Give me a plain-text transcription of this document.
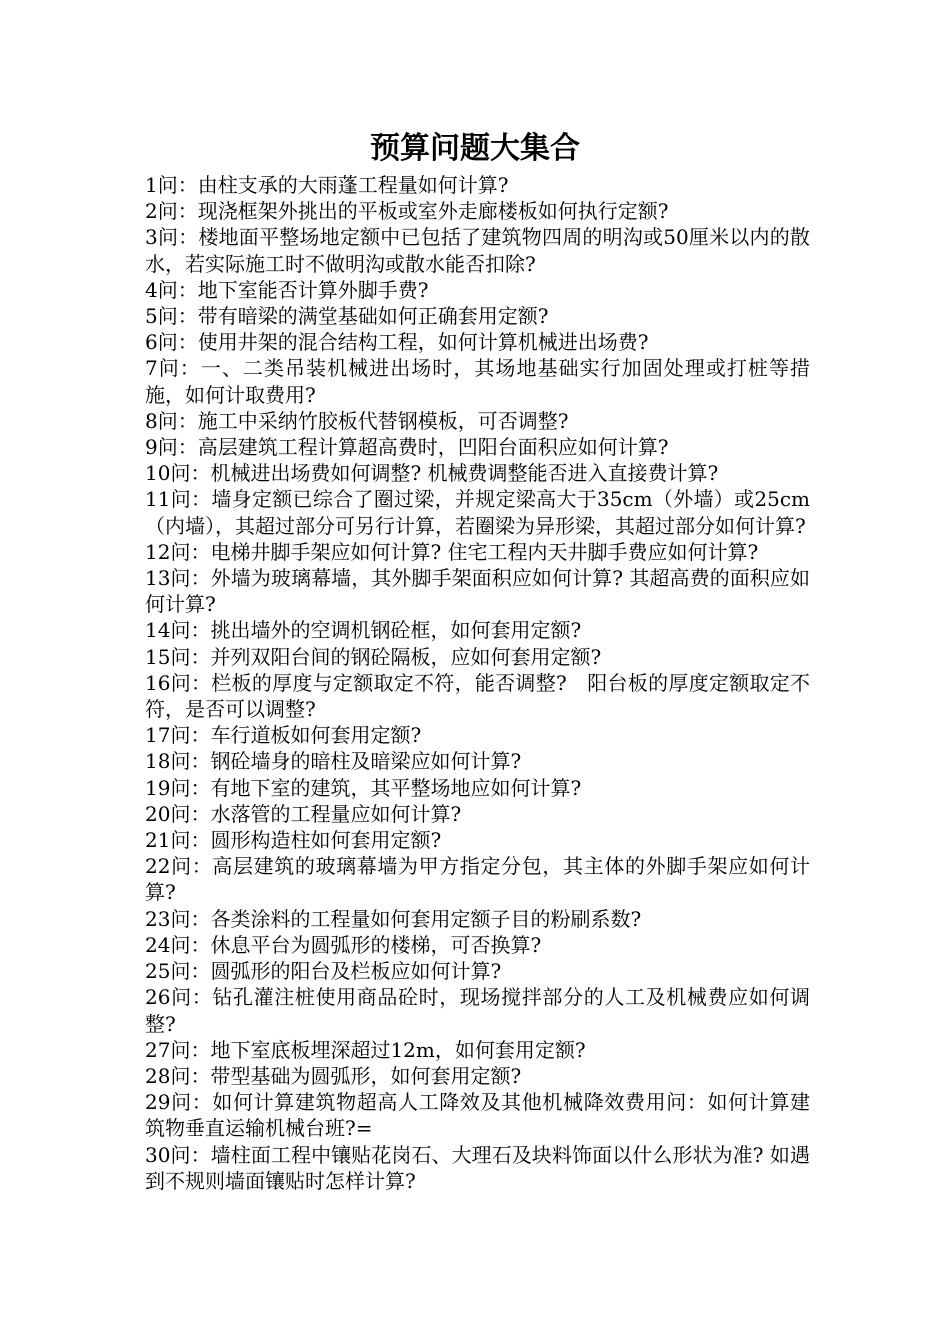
预算问题大集合
1问：由柱支承的大雨蓬工程量如何计算?
2问：现浇框架外挑出的平板或室外走廊楼板如何执行定额?
3问：楼地面平整场地定额中已包括了建筑物四周的明沟或50厘米以内的散水，若实际施工时不做明沟或散水能否扣除?
4问：地下室能否计算外脚手费?
5问：带有暗梁的满堂基础如何正确套用定额?
6问：使用井架的混合结构工程，如何计算机械进出场费?
7问：一、二类吊装机械进出场时，其场地基础实行加固处理或打桩等措施，如何计取费用?
8问：施工中采纳竹胶板代替钢模板，可否调整?
9问：高层建筑工程计算超高费时，凹阳台面积应如何计算?
10问：机械进出场费如何调整? 机械费调整能否进入直接费计算?
11问：墙身定额已综合了圈过梁，并规定梁高大于35cm（外墙）或25cm（内墙），其超过部分可另行计算，若圈梁为异形梁，其超过部分如何计算?
12问：电梯井脚手架应如何计算? 住宅工程内天井脚手费应如何计算?
13问：外墙为玻璃幕墙，其外脚手架面积应如何计算? 其超高费的面积应如何计算?
14问：挑出墙外的空调机钢砼框，如何套用定额?
15问：并列双阳台间的钢砼隔板，应如何套用定额?
16问：栏板的厚度与定额取定不符，能否调整?　阳台板的厚度定额取定不符，是否可以调整?
17问：车行道板如何套用定额?
18问：钢砼墙身的暗柱及暗梁应如何计算?
19问：有地下室的建筑，其平整场地应如何计算?
20问：水落管的工程量应如何计算?
21问：圆形构造柱如何套用定额?
22问：高层建筑的玻璃幕墙为甲方指定分包，其主体的外脚手架应如何计算?
23问：各类涂料的工程量如何套用定额子目的粉刷系数?
24问：休息平台为圆弧形的楼梯，可否换算?
25问：圆弧形的阳台及栏板应如何计算?
26问：钻孔灌注桩使用商品砼时，现场搅拌部分的人工及机械费应如何调整?
27问：地下室底板埋深超过12m，如何套用定额?
28问：带型基础为圆弧形，如何套用定额?
29问：如何计算建筑物超高人工降效及其他机械降效费用问：如何计算建筑物垂直运输机械台班?=
30问：墙柱面工程中镶贴花岗石、大理石及块料饰面以什么形状为准? 如遇到不规则墙面镶贴时怎样计算?
